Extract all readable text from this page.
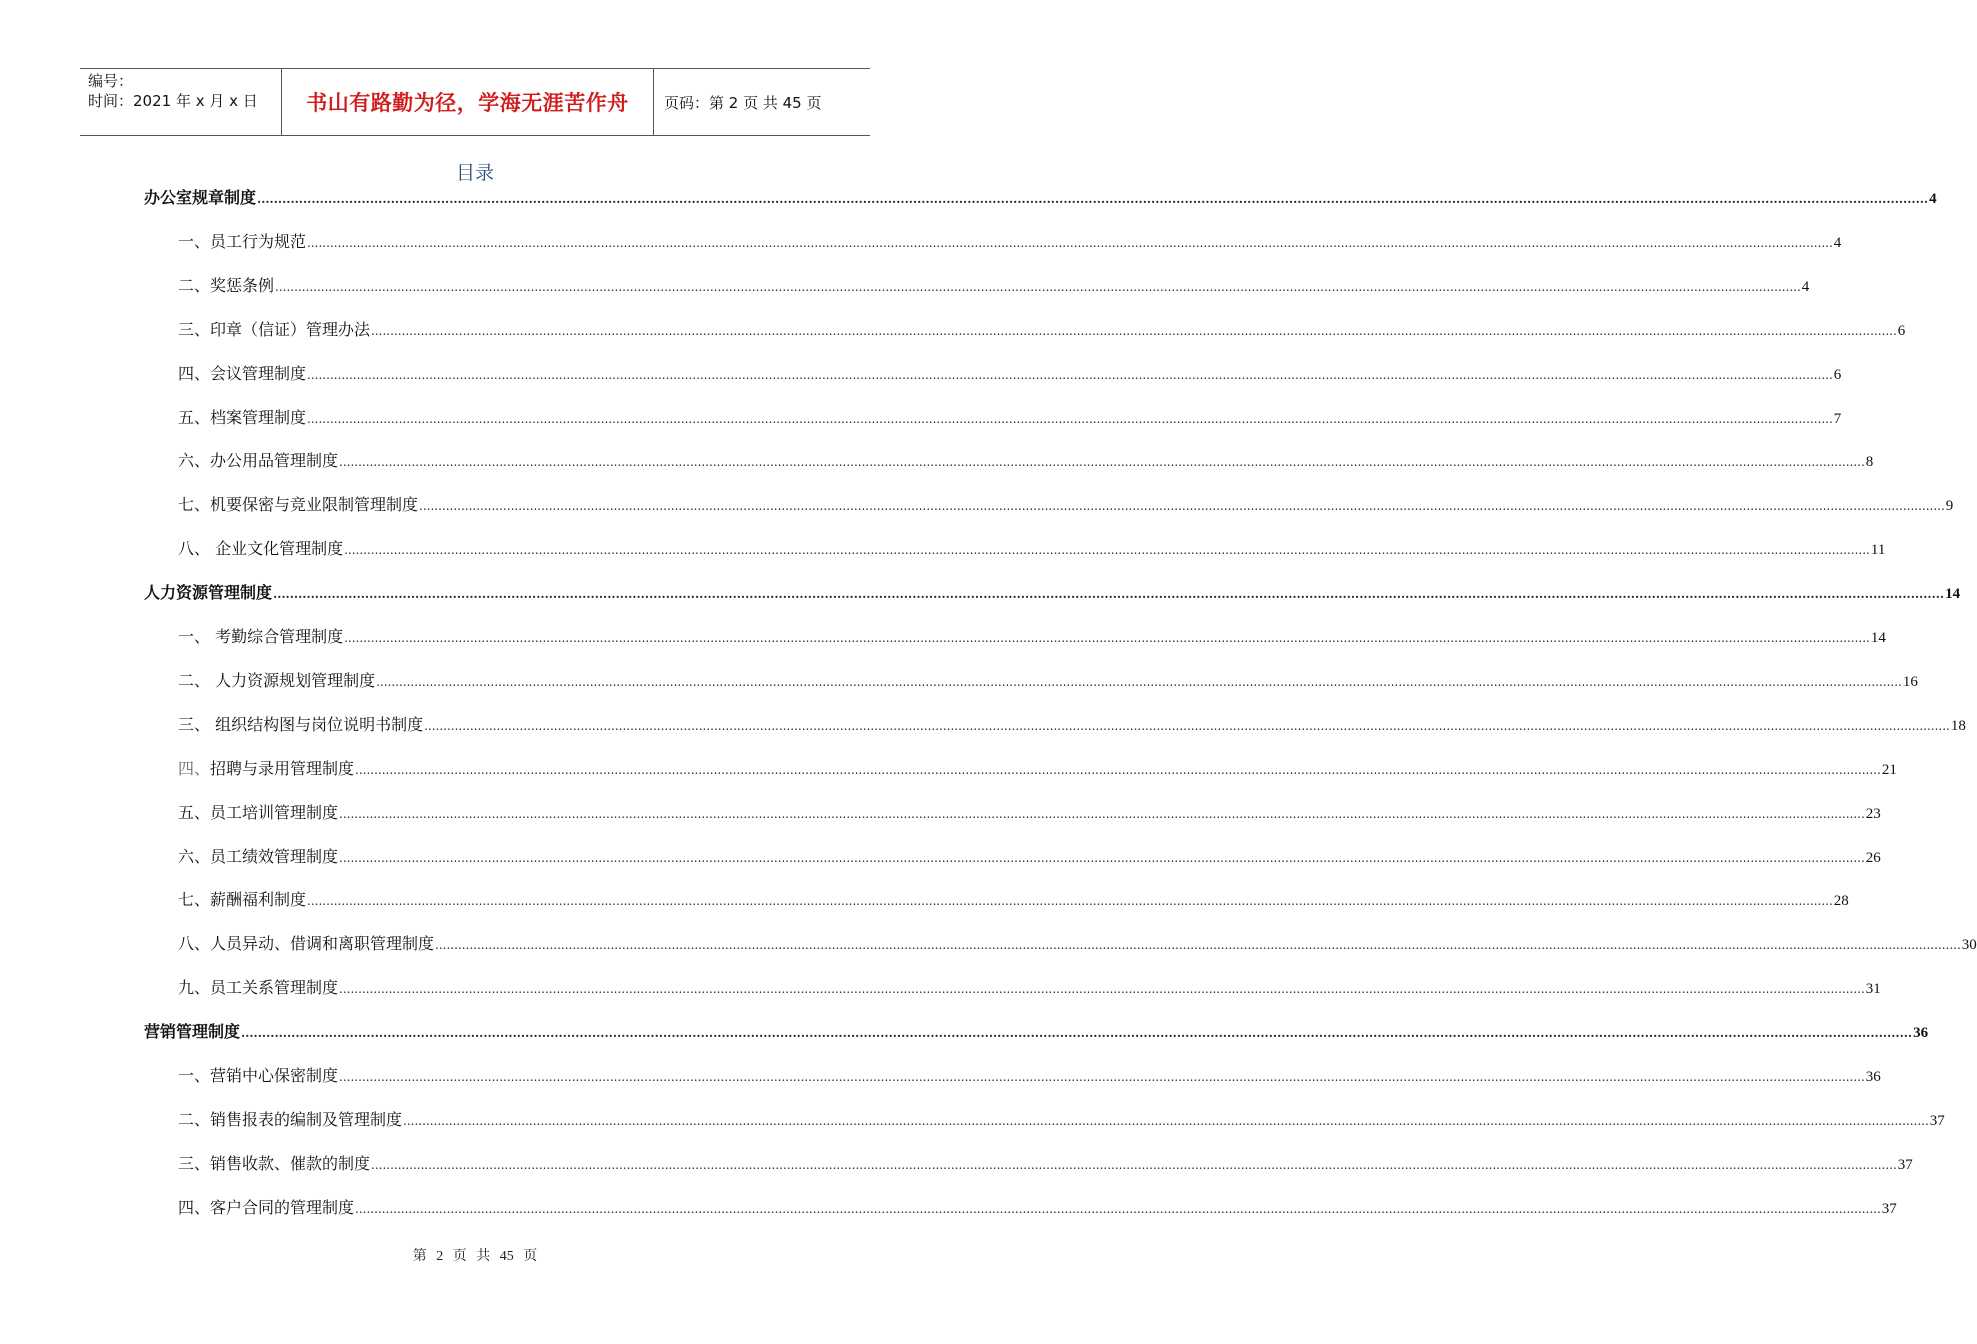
编号：
时间：2021 年 x 月 x 日	书山有路勤为径，学海无涯苦作舟	页码：第 2 页 共 45 页
目录
办公室规章制度 ................................................................................................................................................................................................................................................................................................................................................................................................................ 4
一、员工行为规范 ................................................................................................................................................................................................................................................................................................................................................................................................................ 4
二、奖惩条例 ................................................................................................................................................................................................................................................................................................................................................................................................................ 4
三、印章（信证）管理办法 ................................................................................................................................................................................................................................................................................................................................................................................................................ 6
四、会议管理制度 ................................................................................................................................................................................................................................................................................................................................................................................................................ 6
五、档案管理制度 ................................................................................................................................................................................................................................................................................................................................................................................................................ 7
六、办公用品管理制度 ................................................................................................................................................................................................................................................................................................................................................................................................................ 8
七、机要保密与竞业限制管理制度 ................................................................................................................................................................................................................................................................................................................................................................................................................ 9
八、 企业文化管理制度 ................................................................................................................................................................................................................................................................................................................................................................................................................ 11
人力资源管理制度 ................................................................................................................................................................................................................................................................................................................................................................................................................ 14
一、 考勤综合管理制度 ................................................................................................................................................................................................................................................................................................................................................................................................................ 14
二、 人力资源规划管理制度 ................................................................................................................................................................................................................................................................................................................................................................................................................ 16
三、 组织结构图与岗位说明书制度 ................................................................................................................................................................................................................................................................................................................................................................................................................ 18
四、招聘与录用管理制度 ................................................................................................................................................................................................................................................................................................................................................................................................................ 21
五、员工培训管理制度 ................................................................................................................................................................................................................................................................................................................................................................................................................ 23
六、员工绩效管理制度 ................................................................................................................................................................................................................................................................................................................................................................................................................ 26
七、薪酬福利制度 ................................................................................................................................................................................................................................................................................................................................................................................................................ 28
八、人员异动、借调和离职管理制度 ................................................................................................................................................................................................................................................................................................................................................................................................................ 30
九、员工关系管理制度 ................................................................................................................................................................................................................................................................................................................................................................................................................ 31
营销管理制度 ................................................................................................................................................................................................................................................................................................................................................................................................................ 36
一、营销中心保密制度 ................................................................................................................................................................................................................................................................................................................................................................................................................ 36
二、销售报表的编制及管理制度 ................................................................................................................................................................................................................................................................................................................................................................................................................ 37
三、销售收款、催款的制度 ................................................................................................................................................................................................................................................................................................................................................................................................................ 37
四、客户合同的管理制度 ................................................................................................................................................................................................................................................................................................................................................................................................................ 37
第 2 页 共 45 页
